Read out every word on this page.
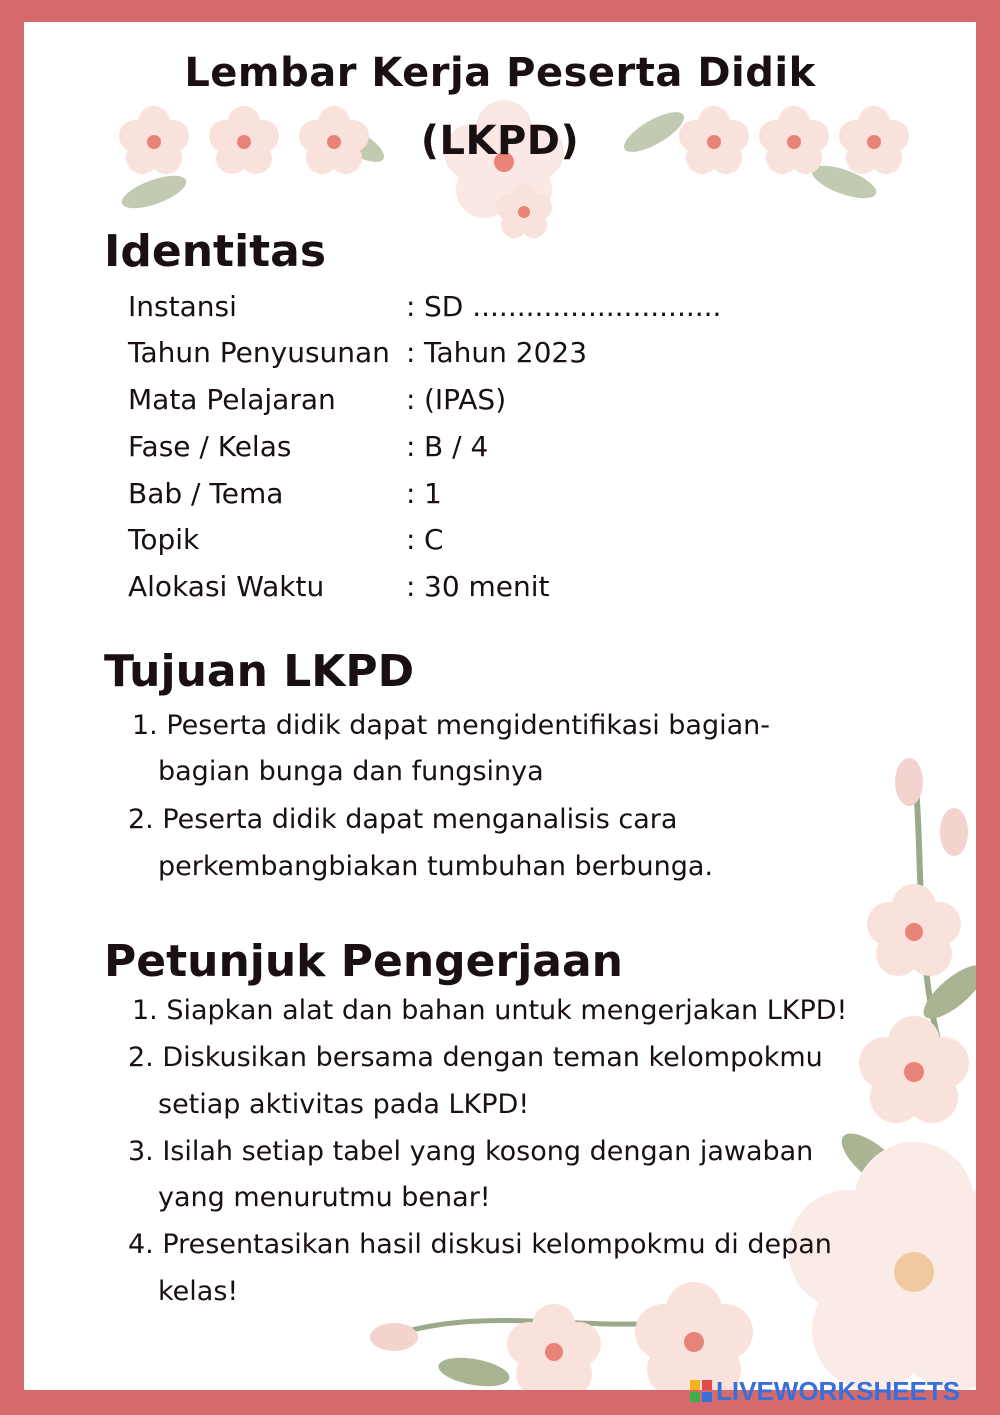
Lembar Kerja Peserta Didik
(LKPD)
Identitas
Instansi	: SD ............................
Tahun Penyusunan : Tahun 2023
Mata Pelajaran	: (IPAS)
Fase / Kelas	: B / 4
Bab / Tema	: 1
Topik	: C
Alokasi Waktu	: 30 menit
Tujuan LKPD
1. Peserta didik dapat mengidentifikasi bagian-
bagian bunga dan fungsinya
2. Peserta didik dapat menganalisis cara
perkembangbiakan tumbuhan berbunga.
Petunjuk Pengerjaan
1. Siapkan alat dan bahan untuk mengerjakan LKPD!
2. Diskusikan bersama dengan teman kelompokmu
setiap aktivitas pada LKPD!
3. Isilah setiap tabel yang kosong dengan jawaban
yang menurutmu benar!
4. Presentasikan hasil diskusi kelompokmu di depan
kelas!
LIVEWORKSHEETS
